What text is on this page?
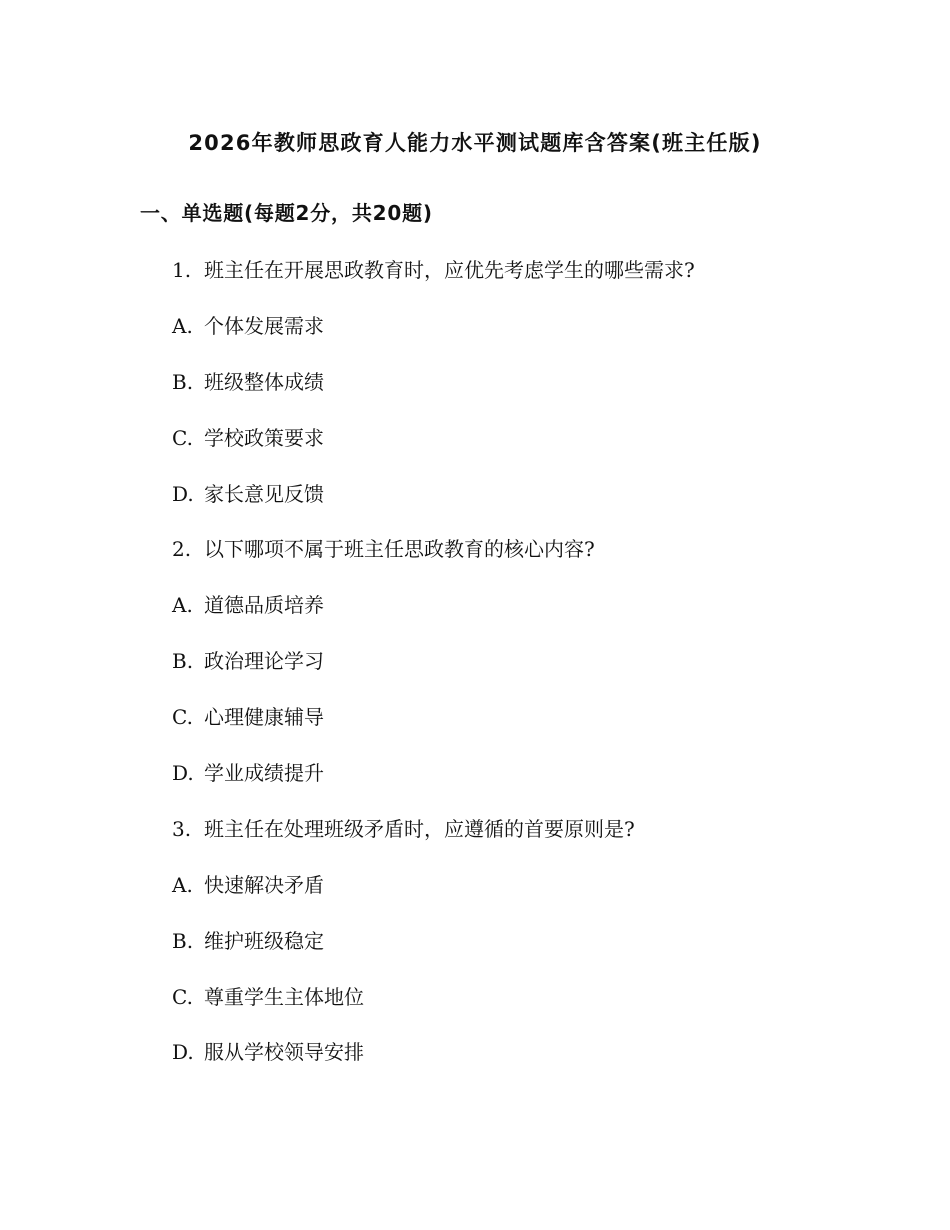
2026年教师思政育人能力水平测试题库含答案(班主任版)
一、单选题(每题2分，共20题)
1. 班主任在开展思政教育时，应优先考虑学生的哪些需求?
A. 个体发展需求
B. 班级整体成绩
C. 学校政策要求
D. 家长意见反馈
2. 以下哪项不属于班主任思政教育的核心内容?
A. 道德品质培养
B. 政治理论学习
C. 心理健康辅导
D. 学业成绩提升
3. 班主任在处理班级矛盾时，应遵循的首要原则是?
A. 快速解决矛盾
B. 维护班级稳定
C. 尊重学生主体地位
D. 服从学校领导安排
